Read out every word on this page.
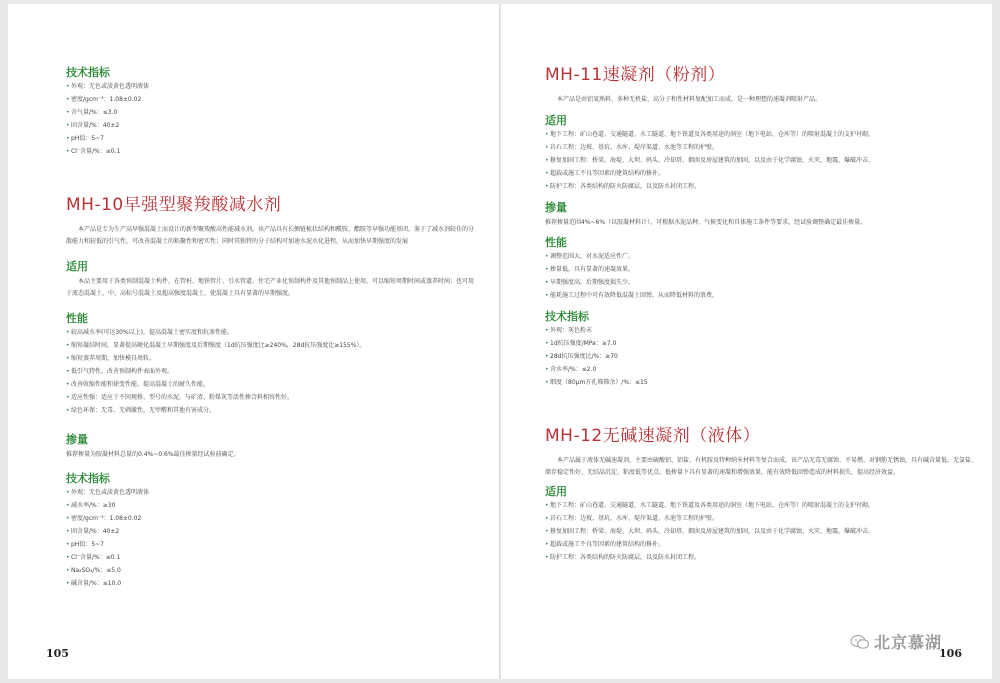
技术指标
• 外观：无色或淡黄色透明液体
• 密度/gcm⁻³：1.08±0.02
• 含气量/%：≤3.0
• 固含量/%：40±2
• pH值：5~7
• Cl⁻含量/%：≤0.1
MH-10早强型聚羧酸减水剂

本产品是专为生产高早强混凝土而设计的新型聚羧酸高性能减水剂。该产品具有长侧链梳状结构和酰胺、酯胺等早强功能基团，鉴于了减水剂较佳的分散能力和较低的引气性，可改善混凝土的粘聚性和密实性；同时其独特的分子结构可加速水泥水化进程，从而加快早期强度的发展

适用

本品主要用于各类预制混凝土构件，在管桩、地铁管片、引水管道、住宅产业化预制构件及其他预制品上使用，可以缩短周期时间或蒸养时间；也可用于流态混凝土、中、高标号混凝土及超高强度混凝土，使混凝土具有显著的早期强度。

性能
• 较高减水率(可达30%以上)，提高混凝土密实度和抗渗性能。
• 缩短凝结时间，显著提高硬化混凝土早期强度及后期强度（1d抗压强度比≥240%，28d抗压强度比≥155%）。
• 缩短蒸养周期，加快模具周转。
• 低引气特性，改善预制构件表面外观。
• 改善收缩性能和徐变性能，提高混凝土的耐久性能。
• 适应性强：适应于不同规格、型号的水泥，与矿渣、粉煤灰等活性掺合料相容性好。
• 绿色环保：无毒、无刺激性，无甲醛和其他有害成分。
掺量

推荐掺量为胶凝材料总量的0.4%~0.6%最佳掺量经试验前确定。

技术指标
• 外观：无色或淡黄色透明液体
• 减水率/%：≥30
• 密度/gcm⁻³：1.08±0.02
• 固含量/%：40±2
• pH值：5~7
• Cl⁻含量/%：≤0.1
• Na₂SO₄/%：≤5.0
• 碱含量/%：≤10.0
105
MH-11速凝剂（粉剂）

本产品是由铝氧熟料、多种无机盐、高分子和性材料复配加工而成，是一种理想的速凝剂喷射产品。

适用
• 地下工程：矿山巷道、交通隧道、水工隧道、地下铁道及各类用途的洞室（地下电站、仓库等）的喷射混凝土的支护衬砌。
• 岩石工程：边坡、基坑、水库、堤岸渠道、水池等工程的护壁。
• 修复加固工程：桥梁、海堤、大坝、码头、冷却塔、烟囱及房屋建筑的加固，以及由于化学腐蚀、火灾、地震、爆破冲击、
• 超载或施工不良等因素的建筑结构的修补。
• 防护工程：各类结构的防火防腐层，以及防水封闭工程。
掺量

推荐掺量范围4%~6%（以胶凝材料计），可根据水泥品种、气候变化和具体施工条件等要求，经试验调整确定最佳掺量。

性能
• 调整范围大，对水泥适应性广。
• 掺量低，具有显著的速凝效果。
• 早期强度高，后期强度损失少。
• 能耗施工过程中可有效降低混凝土回弹，从而降低材料的浪费。
技术指标
• 外观：灰色粉末
• 1d抗压强度/MPa：≥7.0
• 28d抗压强度比/%：≥70
• 含水率/%：≤2.0
• 细度（80μm方孔筛筛余）/%：≤15
MH-12无碱速凝剂（液体）

本产品属于液体无碱速凝剂，主要由硫酸铝、铝盐、有机胺及特种纳米材料等复合而成。该产品无毒无腐蚀、不易燃、对钢筋无锈蚀，具有碱含量低、无氯盐、储存稳定性好、无结晶沉淀、粘度低等优点。低掺量下具有显著的速凝和增强效果，能有效降低回弹造成的材料损失，提高经济效益。

适用
• 地下工程：矿山巷道、交通隧道、水工隧道、地下铁道及各类用途的洞室（地下电站、仓库等）的喷射混凝土的支护衬砌。
• 岩石工程：边坡、基坑、水库、堤岸渠道、水池等工程的护壁。
• 修复加固工程：桥梁、海堤、大坝、码头、冷却塔、烟囱及房屋建筑的加固，以及由于化学腐蚀、火灾、地震、爆破冲击、
• 超载或施工不良等因素的建筑结构的修补。
• 防护工程：各类结构的防火防腐层，以及防水封闭工程。
106
北京慕湖
